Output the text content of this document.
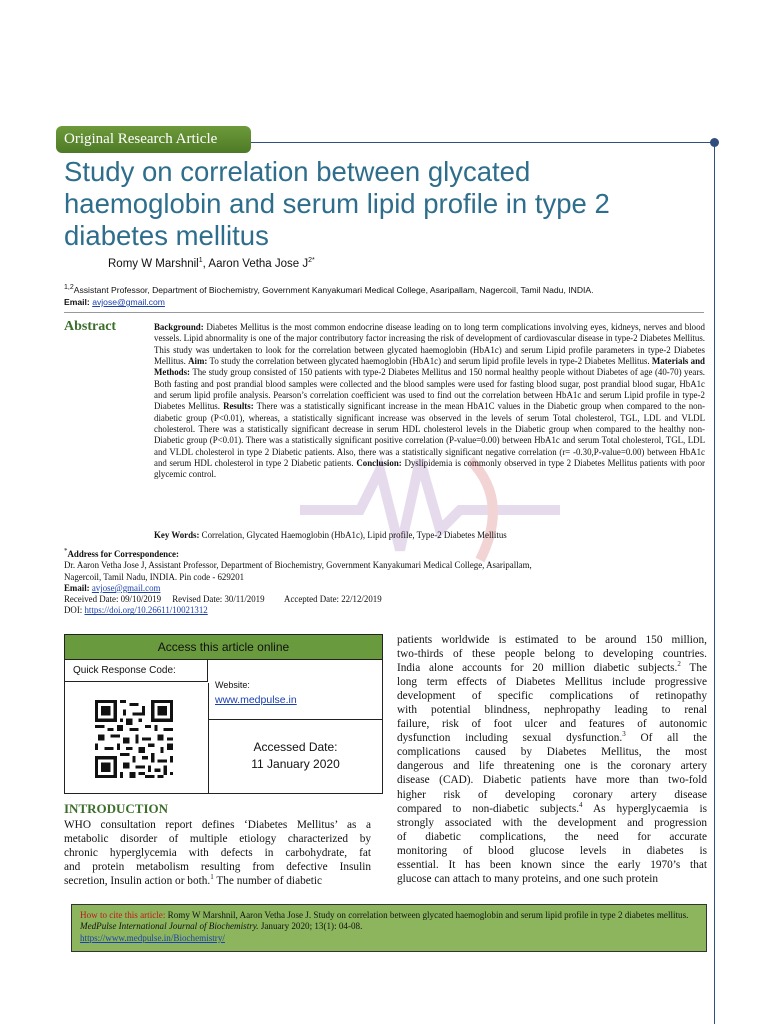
Original Research Article
Study on correlation between glycated
haemoglobin and serum lipid profile in type 2
diabetes mellitus
Romy W Marshnil$^1$, Aaron Vetha Jose $J^{2*}$
$^{1,2}$Assistant Professor, Department of Biochemistry, Government Kanyakumari Medical College, Asaripallam, Nagercoil, Tamil Nadu, INDIA.
Email: avjose@gmail.com
Abstract	Background: Diabetes Mellitus is the most common endocrine disease leading on to long term complications involving eyes, kidneys, nerves and blood vessels. Lipid abnormality is one of the major contributory factor increasing the risk of development of cardiovascular disease in type-2 Diabetes Mellitus. This study was undertaken to look for the correlation between glycated haemoglobin (HbA1c) and serum Lipid profile parameters in type-2 Diabetes Mellitus. Aim: To study the correlation between glycated haemoglobin (HbA1c) and serum lipid profile levels in type-2 Diabetes Mellitus. Materials and Methods: The study group consisted of 150 patients with type-2 Diabetes Mellitus and 150 normal healthy people without Diabetes of age (40-70) years. Both fasting and post prandial blood samples were collected and the blood samples were used for fasting blood sugar, post prandial blood sugar, HbA1c and serum lipid profile analysis. Pearson’s correlation coefficient was used to find out the correlation between HbA1c and serum Lipid profile in type-2 Diabetes Mellitus. Results: There was a statistically significant increase in the mean HbA1C values in the Diabetic group when compared to the non-diabetic group (P<0.01), whereas, a statistically significant increase was observed in the levels of serum Total cholesterol, TGL, LDL and VLDL cholesterol. There was a statistically significant decrease in serum HDL cholesterol levels in the Diabetic group when compared to the healthy non-Diabetic group (P<0.01). There was a statistically significant positive correlation (P-value=0.00) between HbA1c and serum Total cholesterol, TGL, LDL and VLDL cholesterol in type 2 Diabetic patients. Also, there was a statistically significant negative correlation (r= -0.30,P-value=0.00) between HbA1c and serum HDL cholesterol in type 2 Diabetic patients. Conclusion: Dyslipidemia is commonly observed in type 2 Diabetes Mellitus patients with poor glycemic control.

Key Words: Correlation, Glycated Haemoglobin (HbA1c), Lipid profile, Type-2 Diabetes Mellitus
*Address for Correspondence:
Dr. Aaron Vetha Jose J, Assistant Professor, Department of Biochemistry, Government Kanyakumari Medical College, Asaripallam,
Nagercoil, Tamil Nadu, INDIA. Pin code - 629201
Email: avjose@gmail.com
Received Date: 09/10/2019 Revised Date: 30/11/2019 Accepted Date: 22/12/2019
DOI: https://doi.org/10.26611/10021312
Access this article online
Quick Response Code:
Website:
www.medpulse.in
Accessed Date:
11 January 2020
INTRODUCTION
WHO consultation report defines ‘Diabetes Mellitus’ as a
metabolic disorder of multiple etiology characterized by
chronic hyperglycemia with defects in carbohydrate, fat
and protein metabolism resulting from defective Insulin
secretion, Insulin action or both.$^1$ The number of diabetic
patients worldwide is estimated to be around 150 million,
two-thirds of these people belong to developing countries.
India alone accounts for 20 million diabetic subjects.$^2$ The
long term effects of Diabetes Mellitus include progressive
development of specific complications of retinopathy
with potential blindness, nephropathy leading to renal
failure, risk of foot ulcer and features of autonomic
dysfunction including sexual dysfunction.$^3$ Of all the
complications caused by Diabetes Mellitus, the most
dangerous and life threatening one is the coronary artery
disease (CAD). Diabetic patients have more than two-fold
higher risk of developing coronary artery disease
compared to non-diabetic subjects.$^4$ As hyperglycaemia is
strongly associated with the development and progression
of diabetic complications, the need for accurate
monitoring of blood glucose levels in diabetes is
essential. It has been known since the early 1970’s that
glucose can attach to many proteins, and one such protein
How to cite this article: Romy W Marshnil, Aaron Vetha Jose J. Study on correlation between glycated haemoglobin and serum lipid profile in type 2 diabetes mellitus. MedPulse International Journal of Biochemistry. January 2020; 13(1): 04-08.
https://www.medpulse.in/Biochemistry/
